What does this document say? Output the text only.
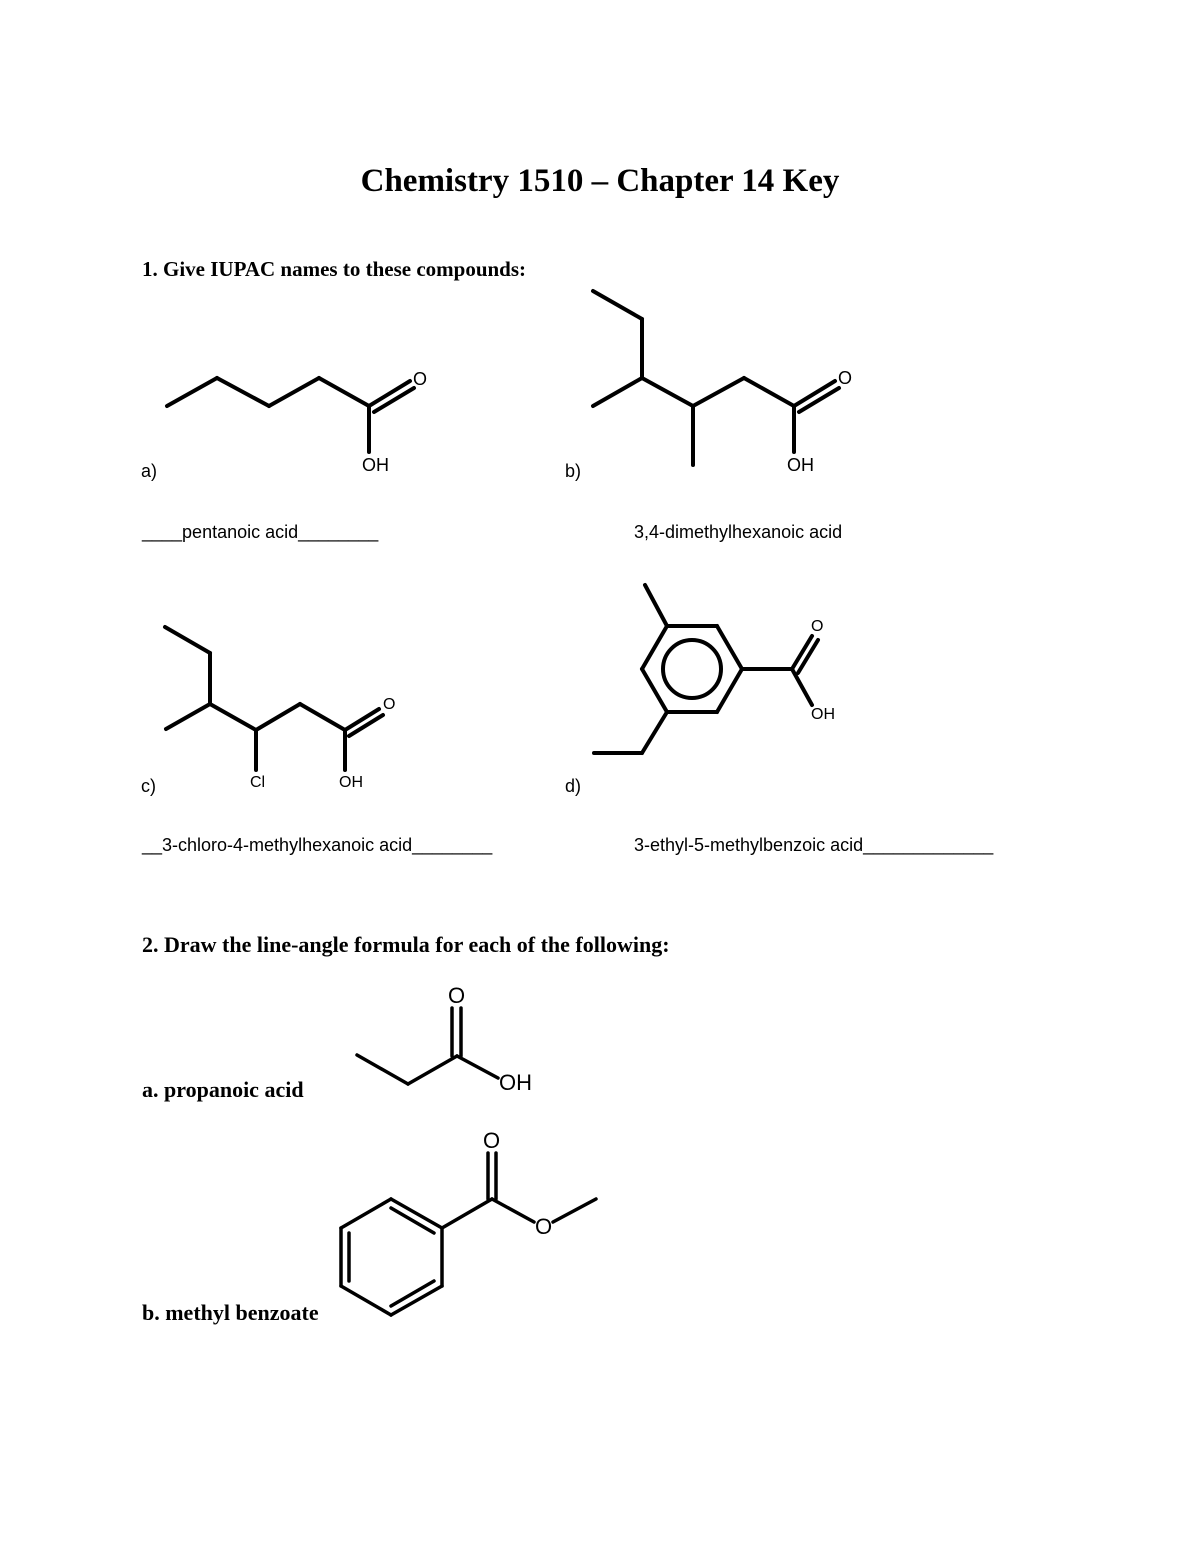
Chemistry 1510 – Chapter 14 Key
1. Give IUPAC names to these compounds:
a)	b)
c)	d)
____pentanoic acid________	3,4-dimethylhexanoic acid
__3-chloro-4-methylhexanoic acid________	3-ethyl-5-methylbenzoic acid_____________
2. Draw the line-angle formula for each of the following:
a. propanoic acid
b. methyl benzoate
O
OH
O
OH
O
Cl	OH
O
OH
O
OH
O
O
